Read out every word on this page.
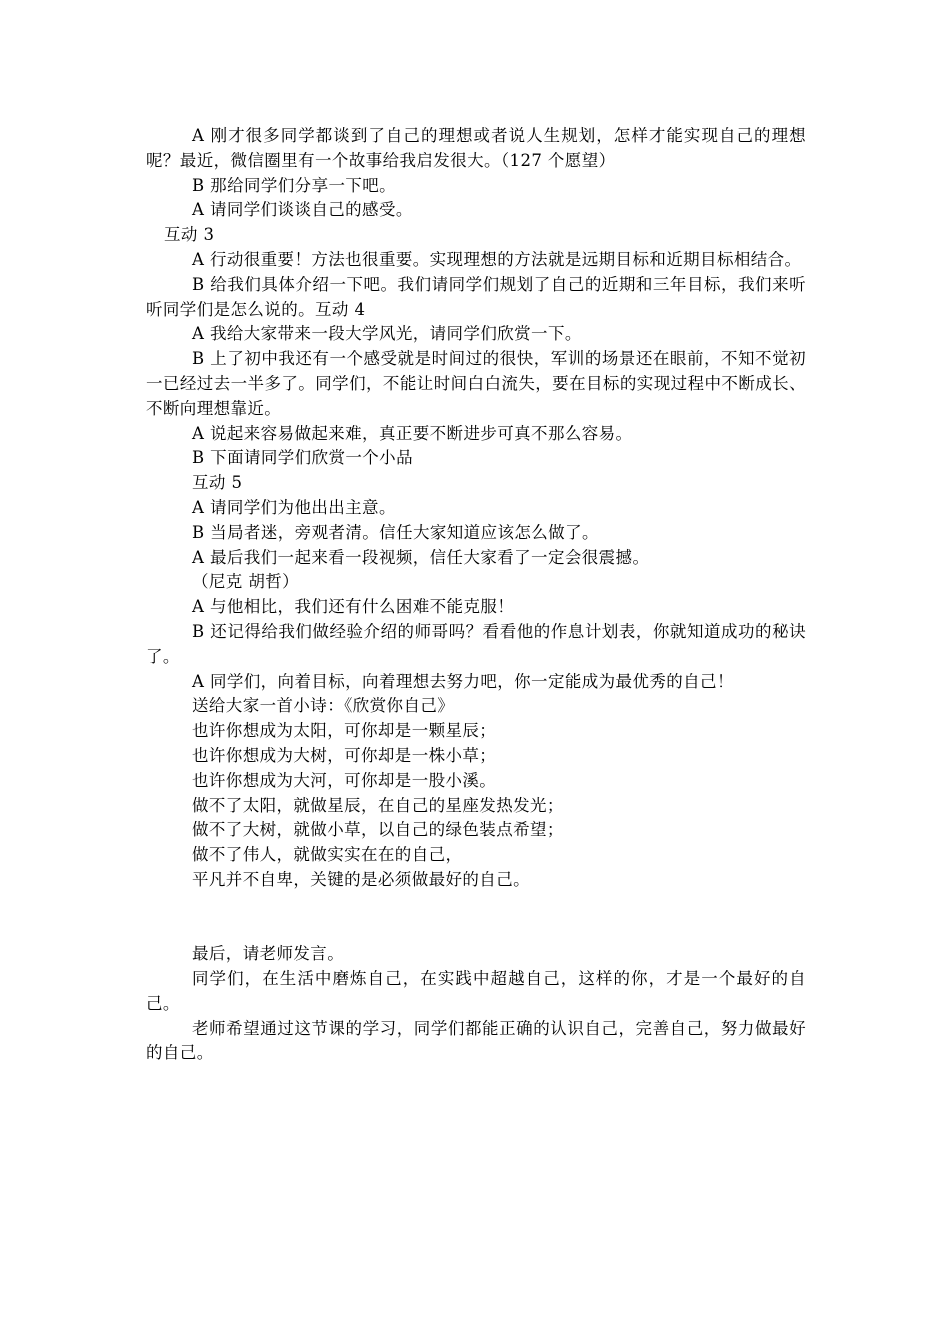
A 刚才很多同学都谈到了自己的理想或者说人生规划，怎样才能实现自己的理想呢？最近，微信圈里有一个故事给我启发很大。（127 个愿望）

B 那给同学们分享一下吧。

A 请同学们谈谈自己的感受。

互动 3

A 行动很重要！方法也很重要。实现理想的方法就是远期目标和近期目标相结合。

B 给我们具体介绍一下吧。我们请同学们规划了自己的近期和三年目标，我们来听听同学们是怎么说的。互动 4

A 我给大家带来一段大学风光，请同学们欣赏一下。

B 上了初中我还有一个感受就是时间过的很快，军训的场景还在眼前，不知不觉初一已经过去一半多了。同学们，不能让时间白白流失，要在目标的实现过程中不断成长、不断向理想靠近。

A 说起来容易做起来难，真正要不断进步可真不那么容易。

B 下面请同学们欣赏一个小品

互动 5

A 请同学们为他出出主意。

B 当局者迷，旁观者清。信任大家知道应该怎么做了。

A 最后我们一起来看一段视频，信任大家看了一定会很震撼。

（尼克 胡哲）

A 与他相比，我们还有什么困难不能克服！

B 还记得给我们做经验介绍的师哥吗？看看他的作息计划表，你就知道成功的秘诀了。

A 同学们，向着目标，向着理想去努力吧，你一定能成为最优秀的自己！

送给大家一首小诗：《欣赏你自己》

也许你想成为太阳，可你却是一颗星辰；

也许你想成为大树，可你却是一株小草；

也许你想成为大河，可你却是一股小溪。

做不了太阳，就做星辰，在自己的星座发热发光；

做不了大树，就做小草，以自己的绿色装点希望；

做不了伟人，就做实实在在的自己，

平凡并不自卑，关键的是必须做最好的自己。

最后，请老师发言。

同学们，在生活中磨炼自己，在实践中超越自己，这样的你，才是一个最好的自己。

老师希望通过这节课的学习，同学们都能正确的认识自己，完善自己，努力做最好的自己。
